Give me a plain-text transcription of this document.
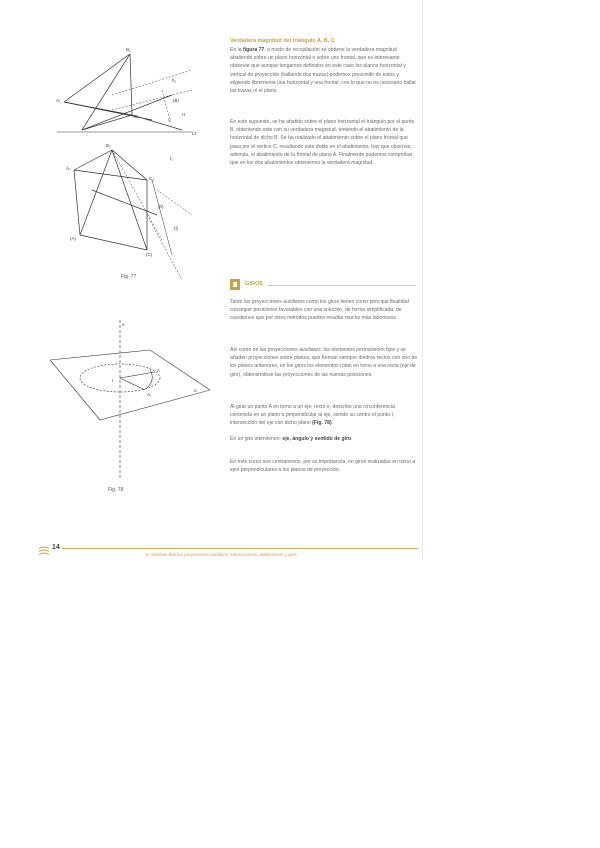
A₁
B₁
C₁
A₂
B₂
C₂
(A)
(B)
(C)
h₁
f₁
H
V
(f)
(h)
LT
Fig. 77
e
A
I
A₁
α
Fig. 78
Verdadera magnitud del triángulo A, B, C

En la figura 77, a modo de recopilación se obtiene la verdadera magnitud abatiendo sobre un plano horizontal o sobre uno frontal, que es interesante observar que aunque tengamos definidos en este caso los planos horizontal y vertical de proyección (hallando dos trazas) podemos prescindir de estos y eligiendo libremente una horizontal y una frontal, con lo que no es necesario hallar las trazas ni el plano.

En este supuesto, se ha abatido sobre el plano horizontal el triángulo por el punto B, obteniendo este con su verdadera magnitud, teniendo el abatimiento de la horizontal de dicho B. Se ha realizado el abatimiento sobre el plano frontal que pasa por el vértice C, resultando este doble en el abatimiento, hay que observar, además, el abatimiento de la frontal de plano A. Finalmente podemos comprobar que en los dos abatimientos obtenemos la verdadera magnitud.

GIROS

Tanto las proyecciones auxiliares como los giros tienen como principal finalidad conseguir posiciones favorables con una solución, de forma simplificada, de cuestiones que por otros métodos pueden resultar mucho más laboriosos.

Así como en las proyecciones auxiliares, los elementos permanecen fijos y se añaden proyecciones sobre planos, que forman siempre diedros rectos con uno de los planos anteriores, en los giros los elementos rotan en torno a una recta (eje de giro), obteniéndose las proyecciones de las nuevas posiciones.

Al girar un punto A en torno a un eje, recto e, describe una circunferencia contenida en un plano α perpendicular al eje, siendo su centro el punto I, intersección del eje con dicho plano (Fig. 78).

En un giro intervienen: eje, ángulo y sentido de giro.

En este curso nos centraremos, por su importancia, en giros realizados en torno a ejes perpendiculares a los planos de proyección.

14
B. Sistema diédrico: proyecciones auxiliares, intersecciones, abatimientos y giros
